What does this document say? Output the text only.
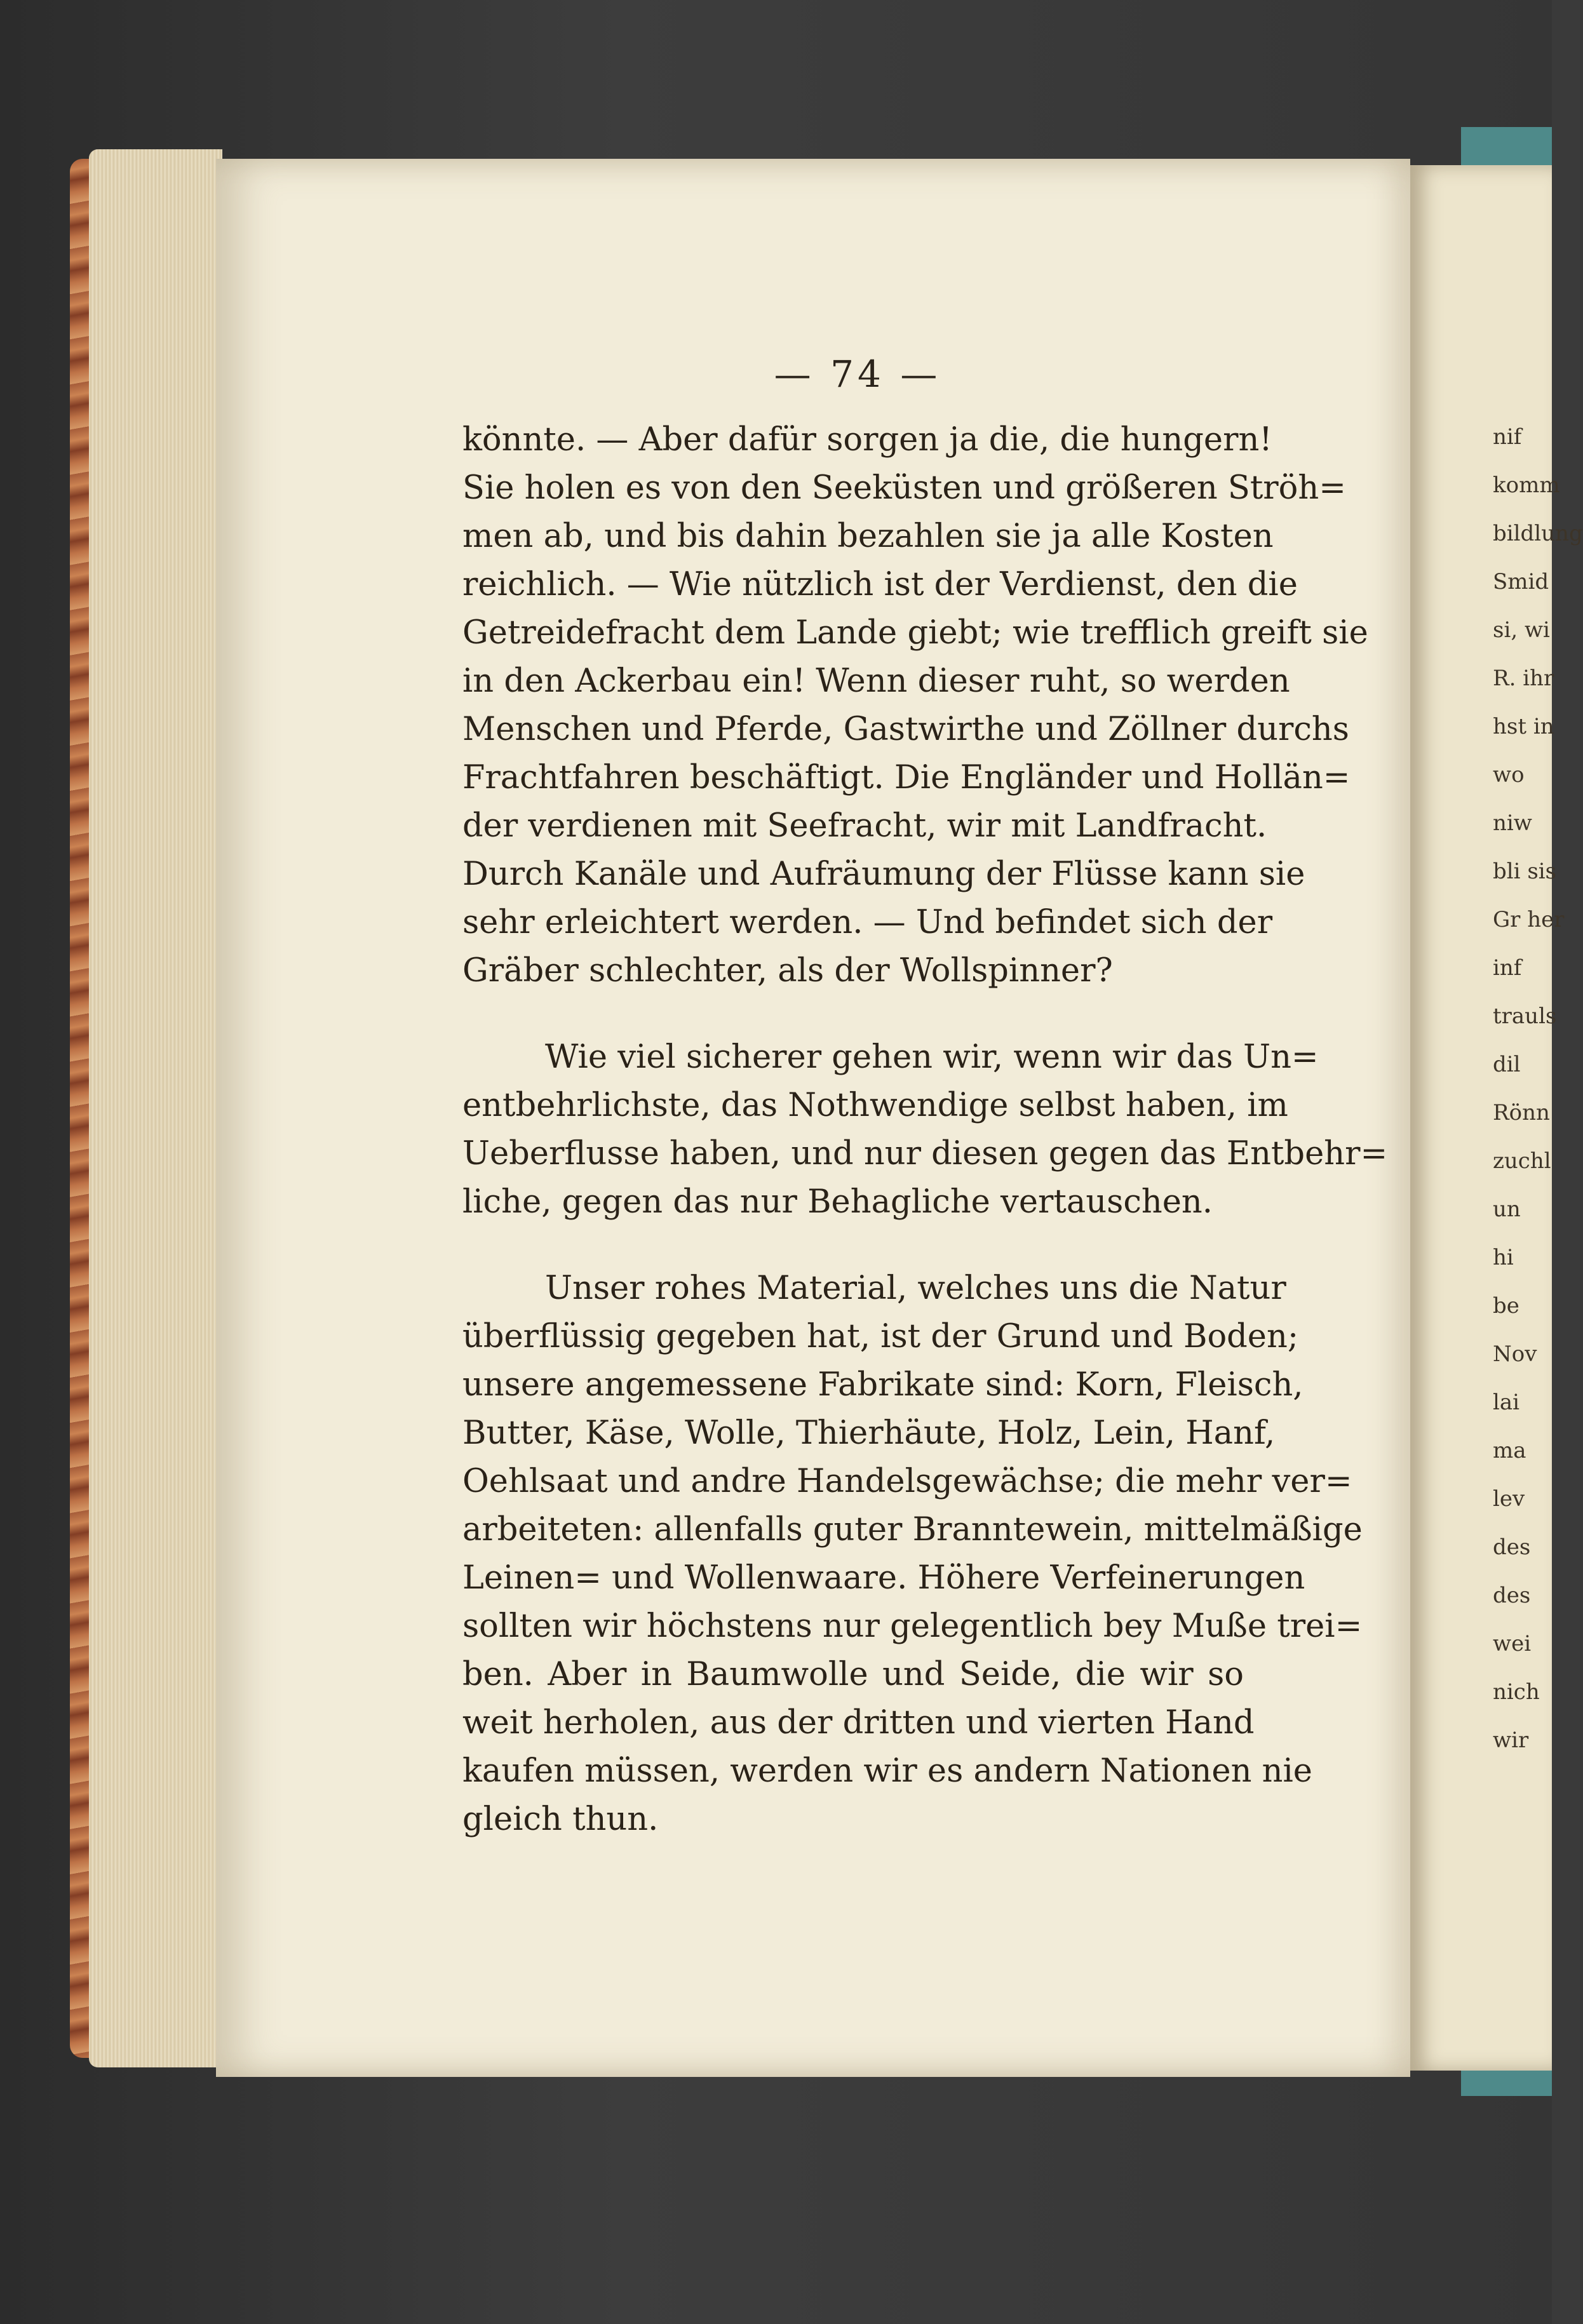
nif
komm
bildlung
Smid
si, wi
R. ihr
hst in
wo
niw
bli sis
Gr her
inf
trauls
dil
Rönn
zuchl
un
hi
be
Nov
lai
ma
lev
des
des
wei
nich
wir
— 74 —
könnte. — Aber dafür sorgen ja die, die hungern!
Sie holen es von den Seeküsten und größeren Ströh=
men ab, und bis dahin bezahlen sie ja alle Kosten
reichlich. — Wie nützlich ist der Verdienst, den die
Getreidefracht dem Lande giebt; wie trefflich greift sie
in den Ackerbau ein! Wenn dieser ruht, so werden
Menschen und Pferde, Gastwirthe und Zöllner durchs
Frachtfahren beschäftigt. Die Engländer und Hollän=
der verdienen mit Seefracht, wir mit Landfracht.
Durch Kanäle und Aufräumung der Flüsse kann sie
sehr erleichtert werden. — Und befindet sich der
Gräber schlechter, als der Wollspinner?
Wie viel sicherer gehen wir, wenn wir das Un=
entbehrlichste, das Nothwendige selbst haben, im
Ueberflusse haben, und nur diesen gegen das Entbehr=
liche, gegen das nur Behagliche vertauschen.
Unser rohes Material, welches uns die Natur
überflüssig gegeben hat, ist der Grund und Boden;
unsere angemessene Fabrikate sind: Korn, Fleisch,
Butter, Käse, Wolle, Thierhäute, Holz, Lein, Hanf,
Oehlsaat und andre Handelsgewächse; die mehr ver=
arbeiteten: allenfalls guter Branntewein, mittelmäßige
Leinen= und Wollenwaare. Höhere Verfeinerungen
sollten wir höchstens nur gelegentlich bey Muße trei=
ben. Aber in Baumwolle und Seide, die wir so
weit herholen, aus der dritten und vierten Hand
kaufen müssen, werden wir es andern Nationen nie
gleich thun.
